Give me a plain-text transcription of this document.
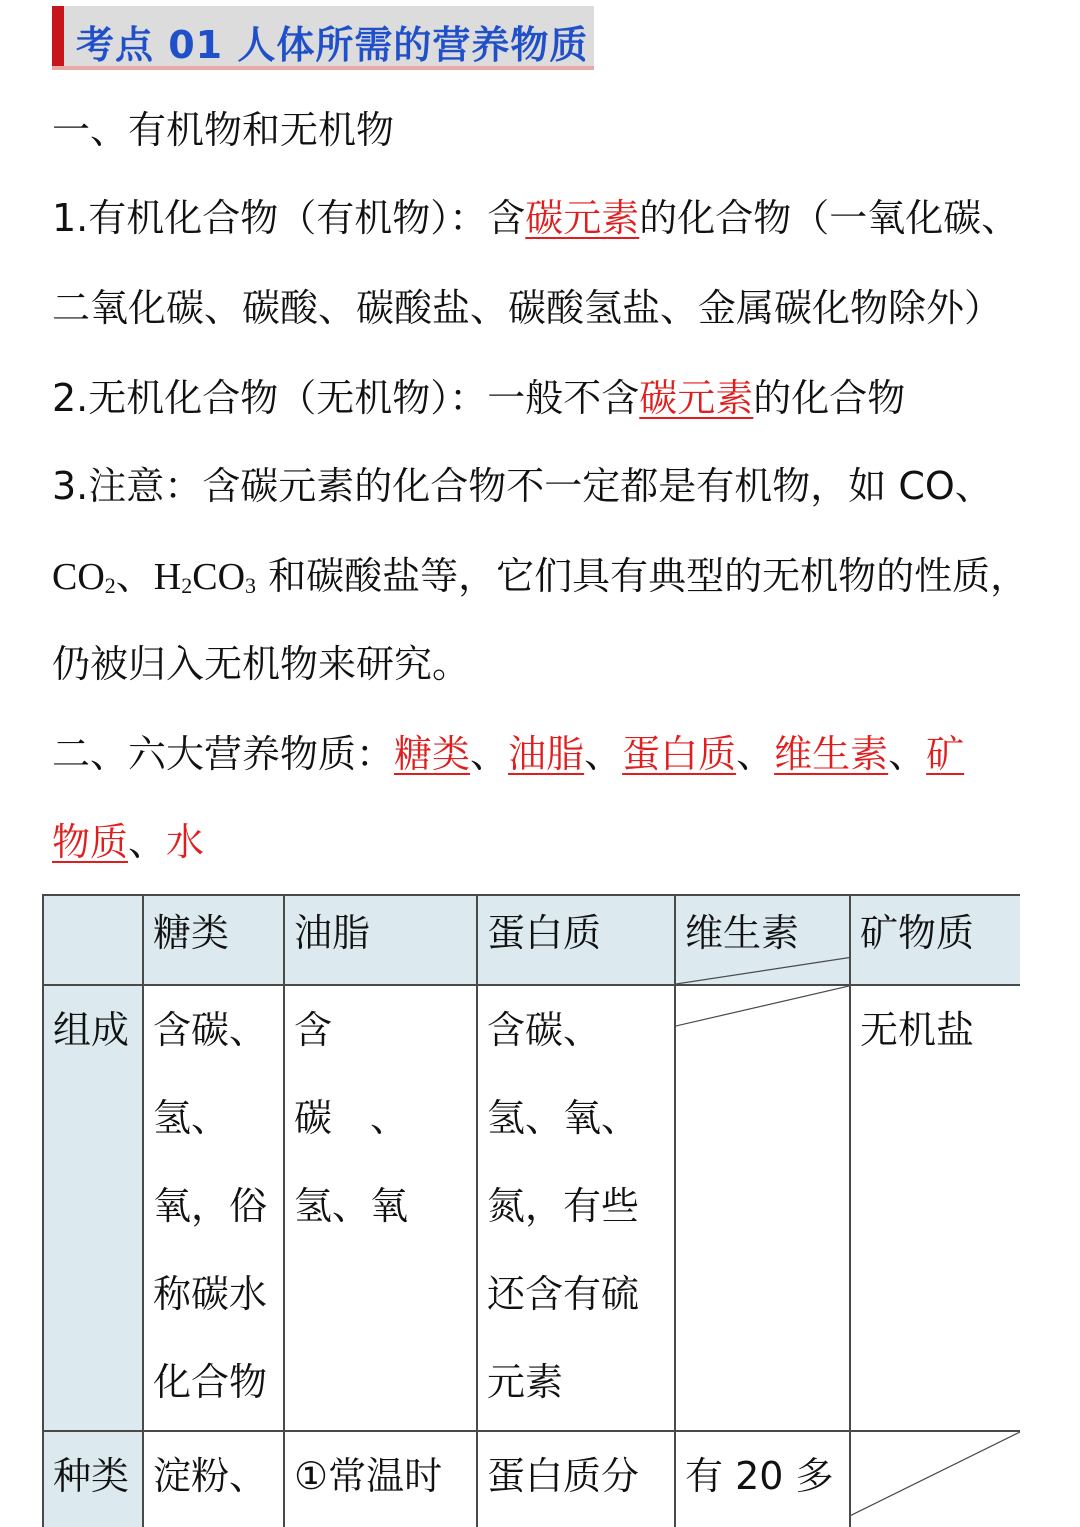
考点 01 人体所需的营养物质
一、有机物和无机物
1.有机化合物（有机物）：含碳元素的化合物（一氧化碳、
二氧化碳、碳酸、碳酸盐、碳酸氢盐、金属碳化物除外）
2.无机化合物（无机物）：一般不含碳元素的化合物
3.注意：含碳元素的化合物不一定都是有机物，如 CO、
$CO_2$、$H_2CO_3$ 和碳酸盐等，它们具有典型的无机物的性质，
仍被归入无机物来研究。
二、六大营养物质：糖类、油脂、蛋白质、维生素、矿
物质、水
	糖类	油脂	蛋白质	维生素	矿物质
组成	含碳、氢、氧，俗称碳水化合物	含　碳　、氢、氧	含碳、氢、氧、氮，有些还含有硫元素		无机盐

种类	淀粉、	①常温时	蛋白质分	有 20 多
